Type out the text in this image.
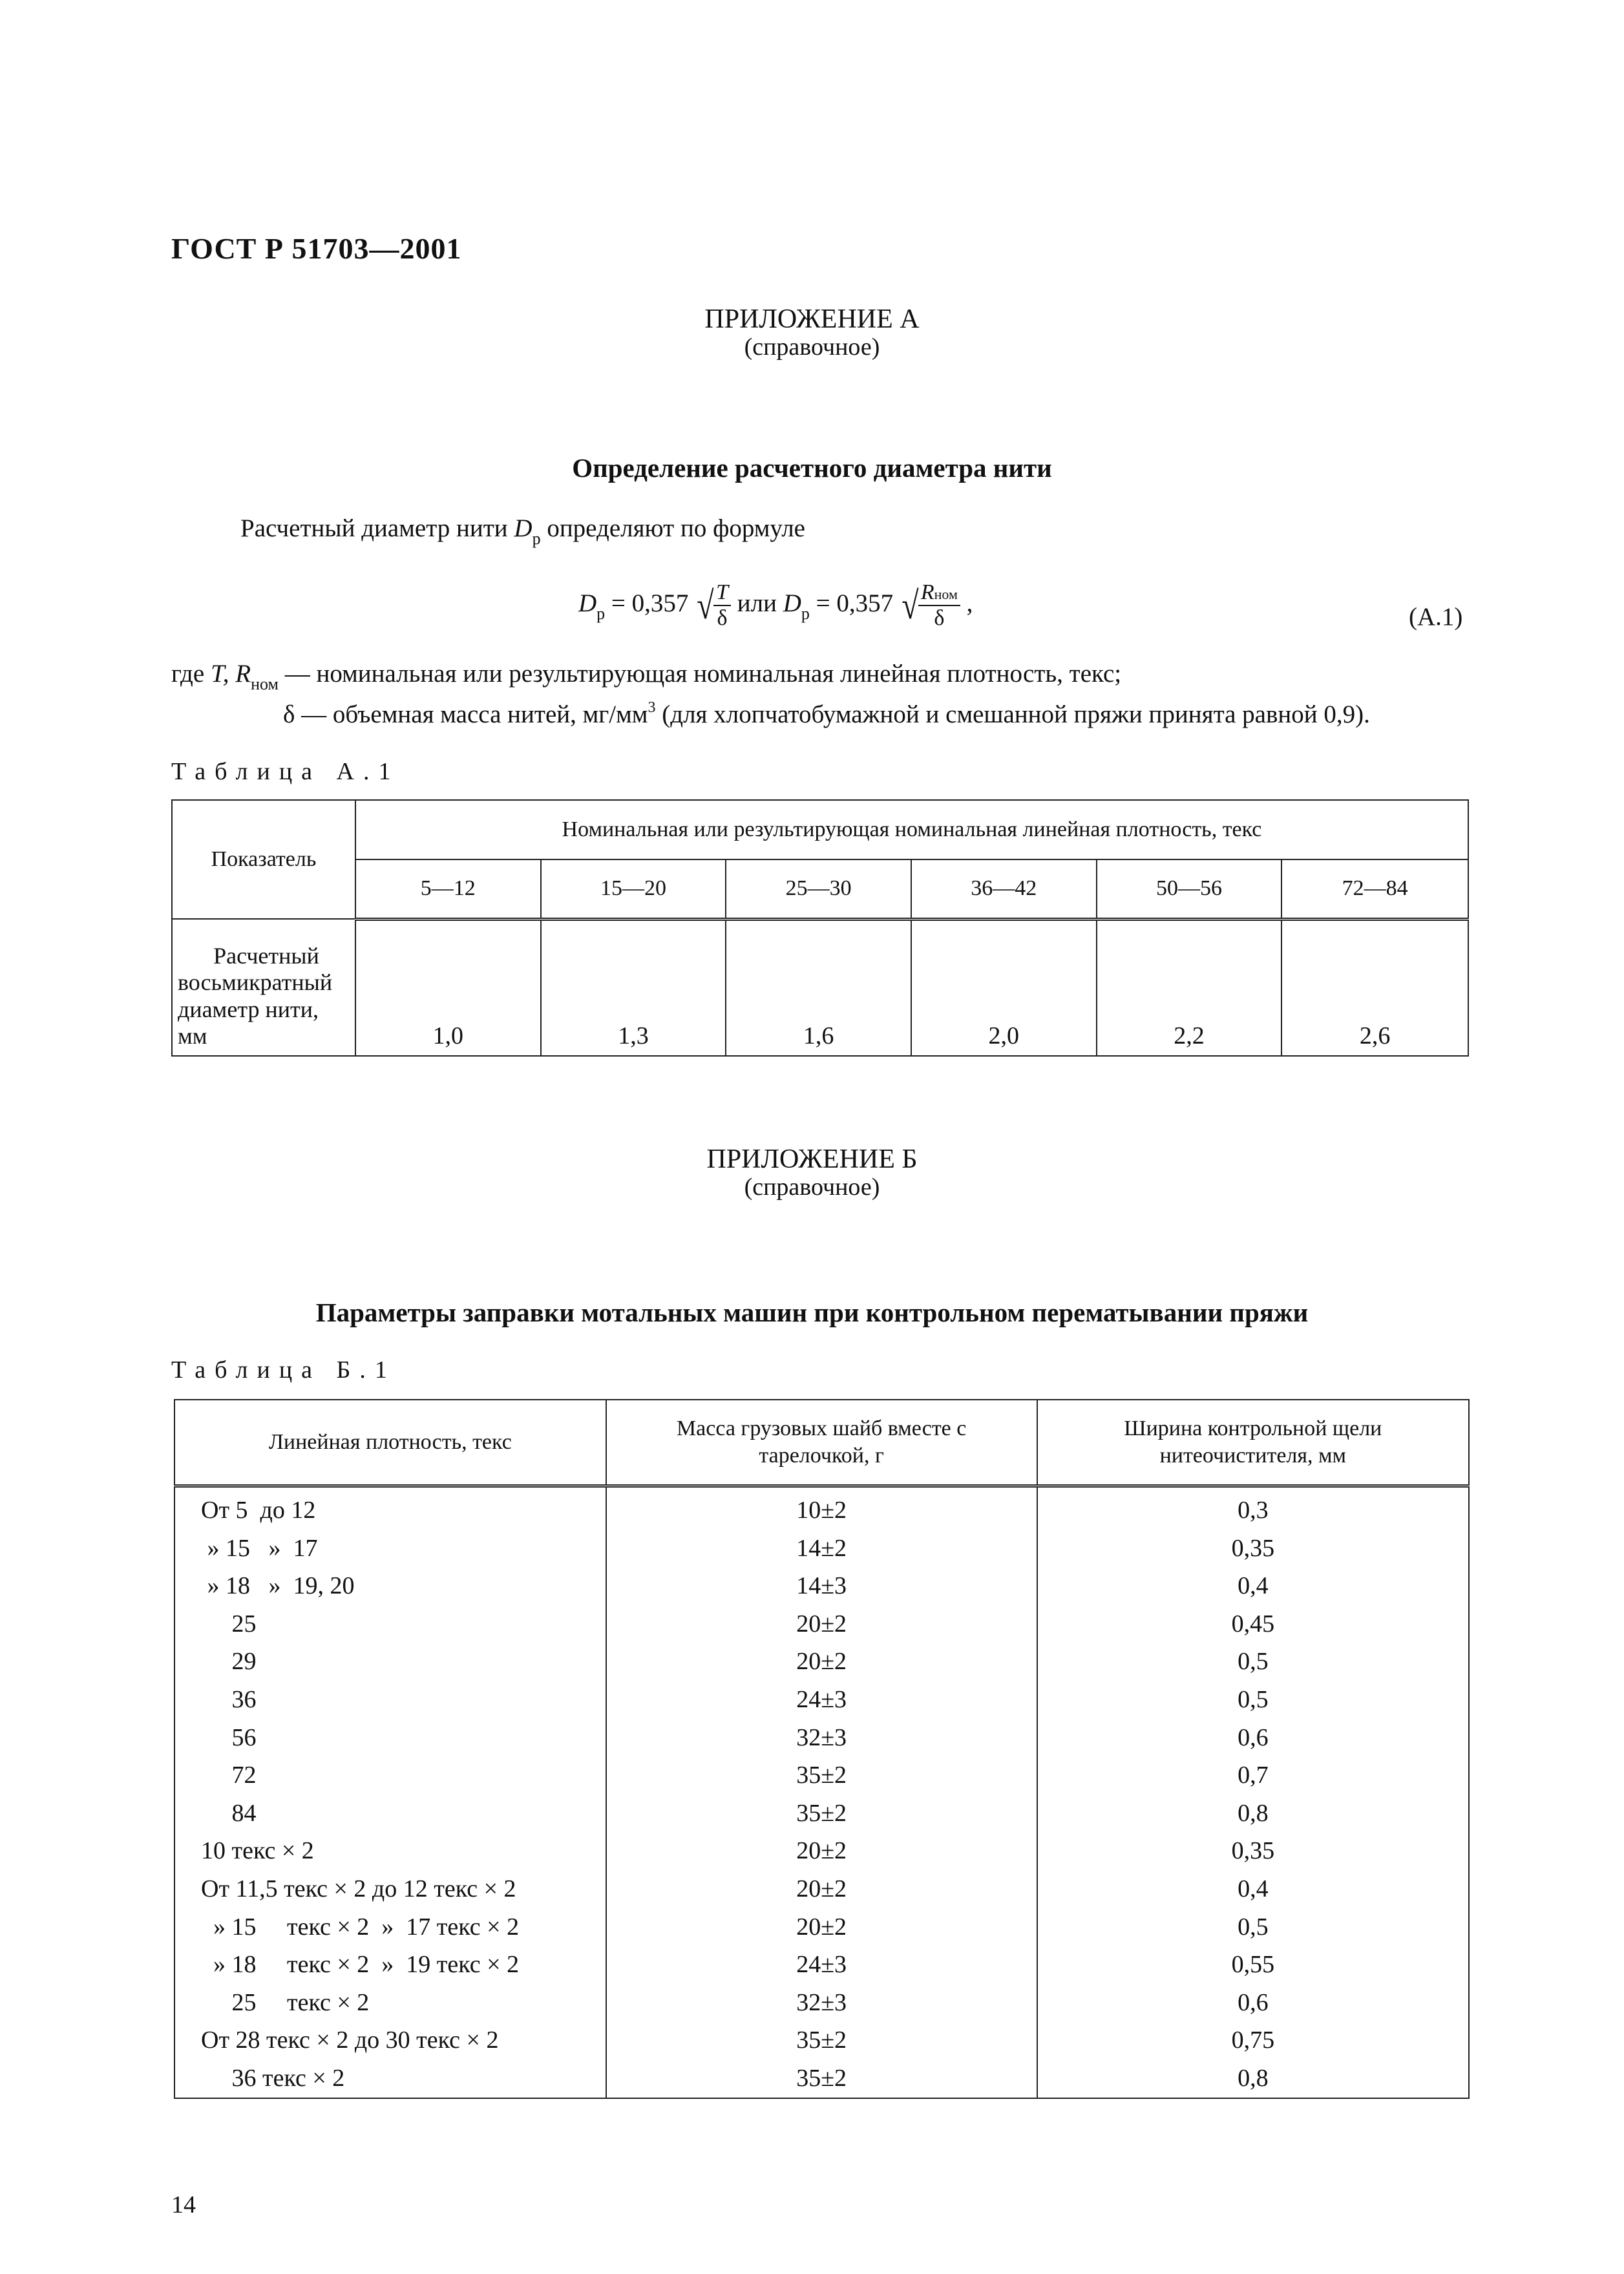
ГОСТ Р 51703—2001
ПРИЛОЖЕНИЕ А
(справочное)
Определение расчетного диаметра нити
Расчетный диаметр нити $D_р$ определяют по формуле
$D_р = 0,357$ √ $\frac{T}{\delta}$ или $D_р = 0,357$ √ $\frac{\text{Rном}}{\delta}$ ,	(А.1)
где T, $R_{ном}$ — номинальная или результирующая номинальная линейная плотность, текс;
δ — объемная масса нитей, $мг/мм^3$ (для хлопчатобумажной и смешанной пряжи принята равной 0,9).
Таблица А.1
Показатель	Номинальная или результирующая номинальная линейная плотность, текс					
	5—12	15—20	25—30	36—42	50—56	72—84

Расчетный
восьмикратный
диаметр нити,
мм	1,0	1,3	1,6	2,0	2,2	2,6
ПРИЛОЖЕНИЕ Б
(справочное)
Параметры заправки мотальных машин при контрольном перематывании пряжи
Таблица Б.1
Линейная плотность, текс	Масса грузовых шайб вместе с тарелочкой, г	Ширина контрольной щели нитеочистителя, мм
От 5  до 12	10±2	0,3
» 15   »  17	14±2	0,35
» 18   »  19, 20	14±3	0,4
25	20±2	0,45
29	20±2	0,5
36	24±3	0,5
56	32±3	0,6
72	35±2	0,7
84	35±2	0,8
10 текс × 2	20±2	0,35
От 11,5 текс × 2 до 12 текс × 2	20±2	0,4
» 15     текс × 2  »  17 текс × 2	20±2	0,5
» 18     текс × 2  »  19 текс × 2	24±3	0,55
25     текс × 2	32±3	0,6
От 28 текс × 2 до 30 текс × 2	35±2	0,75
36 текс × 2	35±2	0,8
14
